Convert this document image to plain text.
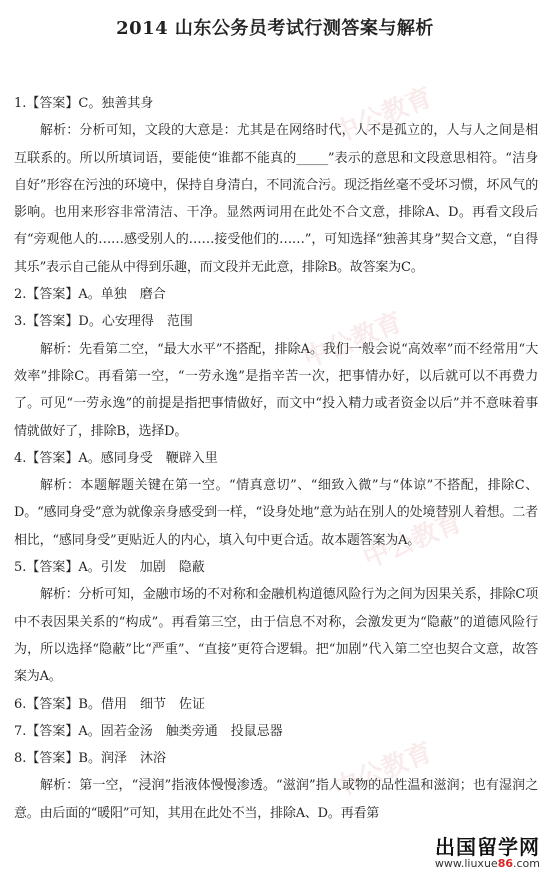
中公教育
中公教育
中公教育
中公教育
2014 山东公务员考试行测答案与解析

1.【答案】C。独善其身

解析：分析可知，文段的大意是：尤其是在网络时代，人不是孤立的，人与人之间是相互联系的。所以所填词语，要能使“谁都不能真的_____”表示的意思和文段意思相符。“洁身自好”形容在污浊的环境中，保持自身清白，不同流合污。现泛指丝毫不受坏习惯，坏风气的影响。也用来形容非常清洁、干净。显然两词用在此处不合文意，排除A、D。再看文段后有“旁观他人的……感受别人的……接受他们的……”，可知选择“独善其身”契合文意，“自得其乐”表示自己能从中得到乐趣，而文段并无此意，排除B。故答案为C。

2.【答案】A。单独　磨合

3.【答案】D。心安理得　范围

解析：先看第二空，“最大水平”不搭配，排除A。我们一般会说“高效率”而不经常用“大效率”排除C。再看第一空，“一劳永逸”是指辛苦一次，把事情办好，以后就可以不再费力了。可见“一劳永逸”的前提是指把事情做好，而文中“投入精力或者资金以后”并不意味着事情就做好了，排除B，选择D。

4.【答案】A。感同身受　鞭辟入里

解析：本题解题关键在第一空。“情真意切”、“细致入微”与“体谅”不搭配，排除C、D。“感同身受”意为就像亲身感受到一样，“设身处地”意为站在别人的处境替别人着想。二者相比，“感同身受”更贴近人的内心，填入句中更合适。故本题答案为A。

5.【答案】A。引发　加剧　隐蔽

解析：分析可知，金融市场的不对称和金融机构道德风险行为之间为因果关系，排除C项中不表因果关系的“构成”。再看第三空，由于信息不对称，会激发更为“隐蔽”的道德风险行为，所以选择“隐蔽”比“严重”、“直接”更符合逻辑。把“加剧”代入第二空也契合文意，故答案为A。

6.【答案】B。借用　细节　佐证

7.【答案】A。固若金汤　触类旁通　投鼠忌器

8.【答案】B。润泽　沐浴

解析：第一空，“浸润”指液体慢慢渗透。“滋润”指人或物的品性温和滋润；也有湿润之意。由后面的“暖阳”可知，其用在此处不当，排除A、D。再看第

出国留学网
www.liuxue86.com
